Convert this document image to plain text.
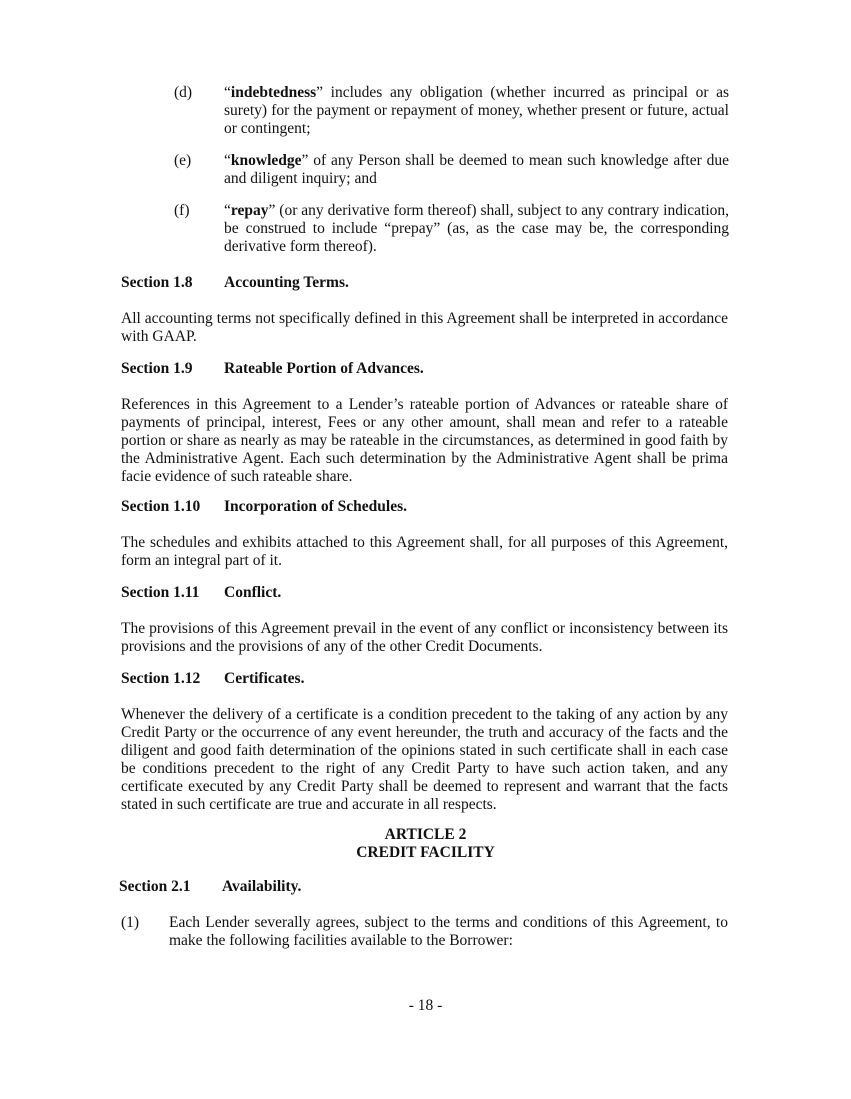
(d) “indebtedness” includes any obligation (whether incurred as principal or as surety) for the payment or repayment of money, whether present or future, actual or contingent;
(e) “knowledge” of any Person shall be deemed to mean such knowledge after due and diligent inquiry; and
(f) “repay” (or any derivative form thereof) shall, subject to any contrary indication, be construed to include “prepay” (as, as the case may be, the corresponding derivative form thereof).
Section 1.8 Accounting Terms.
All accounting terms not specifically defined in this Agreement shall be interpreted in accordance with GAAP.
Section 1.9 Rateable Portion of Advances.
References in this Agreement to a Lender’s rateable portion of Advances or rateable share of payments of principal, interest, Fees or any other amount, shall mean and refer to a rateable portion or share as nearly as may be rateable in the circumstances, as determined in good faith by the Administrative Agent. Each such determination by the Administrative Agent shall be prima facie evidence of such rateable share.
Section 1.10 Incorporation of Schedules.
The schedules and exhibits attached to this Agreement shall, for all purposes of this Agreement, form an integral part of it.
Section 1.11 Conflict.
The provisions of this Agreement prevail in the event of any conflict or inconsistency between its provisions and the provisions of any of the other Credit Documents.
Section 1.12 Certificates.
Whenever the delivery of a certificate is a condition precedent to the taking of any action by any Credit Party or the occurrence of any event hereunder, the truth and accuracy of the facts and the diligent and good faith determination of the opinions stated in such certificate shall in each case be conditions precedent to the right of any Credit Party to have such action taken, and any certificate executed by any Credit Party shall be deemed to represent and warrant that the facts stated in such certificate are true and accurate in all respects.
ARTICLE 2
CREDIT FACILITY
Section 2.1 Availability.
(1) Each Lender severally agrees, subject to the terms and conditions of this Agreement, to make the following facilities available to the Borrower:
- 18 -
